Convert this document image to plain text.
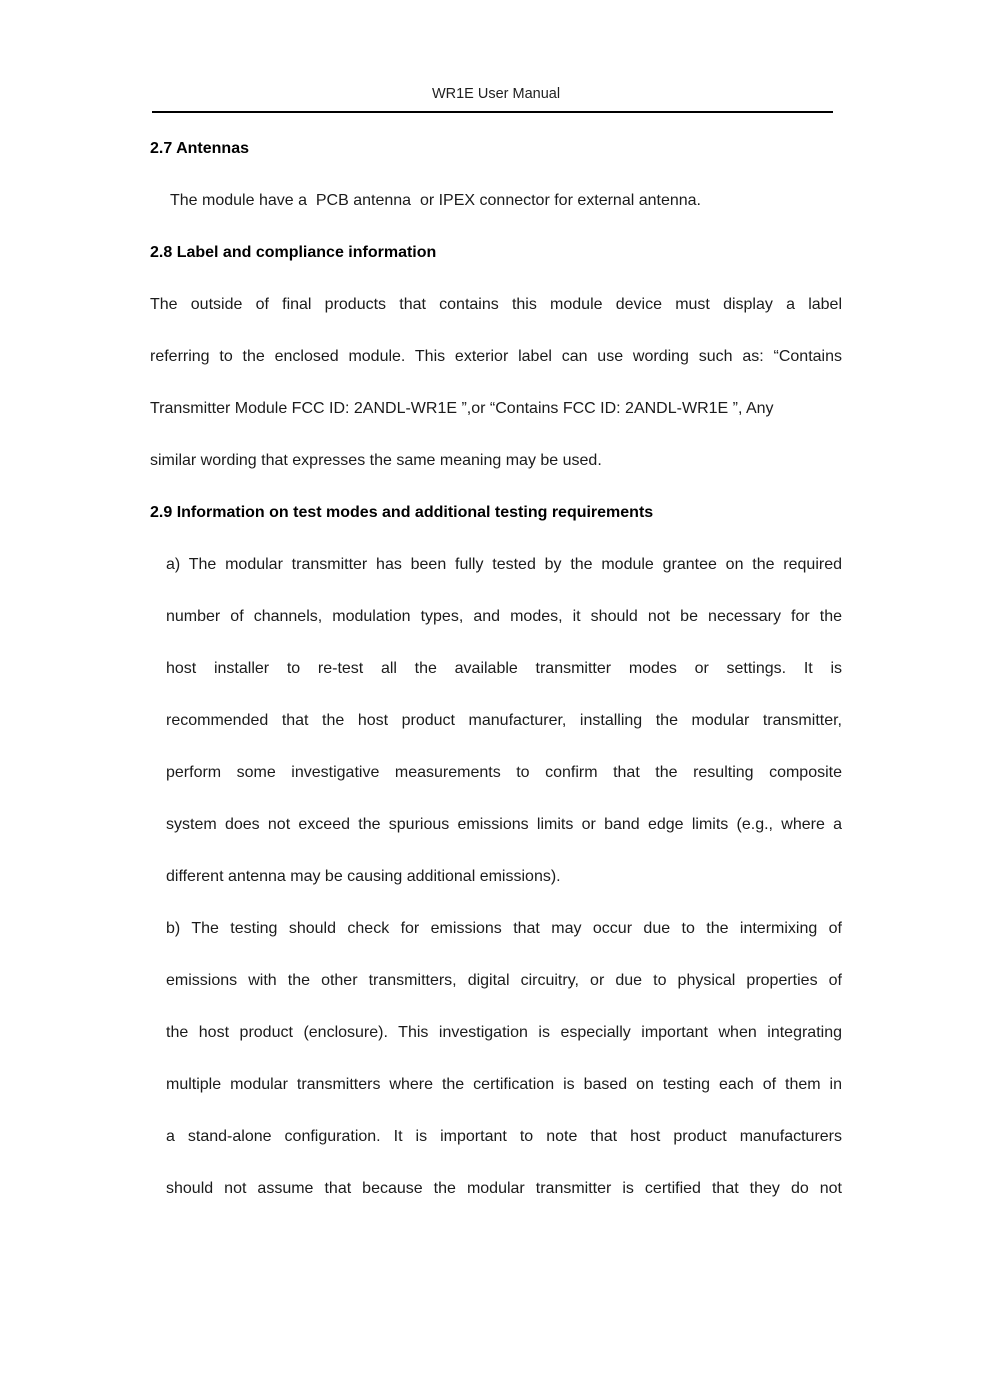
WR1E User Manual
2.7 Antennas
The module have a  PCB antenna  or IPEX connector for external antenna.
2.8 Label and compliance information
The outside of final products that contains this module device must display a label
referring to the enclosed module. This exterior label can use wording such as: “Contains
Transmitter Module FCC ID: 2ANDL-WR1E ”,or “Contains FCC ID: 2ANDL-WR1E ”, Any
similar wording that expresses the same meaning may be used.
2.9 Information on test modes and additional testing requirements
a) The modular transmitter has been fully tested by the module grantee on the required
number of channels, modulation types, and modes, it should not be necessary for the
host installer to re-test all the available transmitter modes or settings. It is
recommended that the host product manufacturer, installing the modular transmitter,
perform some investigative measurements to confirm that the resulting composite
system does not exceed the spurious emissions limits or band edge limits (e.g., where a
different antenna may be causing additional emissions).
b) The testing should check for emissions that may occur due to the intermixing of
emissions with the other transmitters, digital circuitry, or due to physical properties of
the host product (enclosure). This investigation is especially important when integrating
multiple modular transmitters where the certification is based on testing each of them in
a stand-alone configuration. It is important to note that host product manufacturers
should not assume that because the modular transmitter is certified that they do not
